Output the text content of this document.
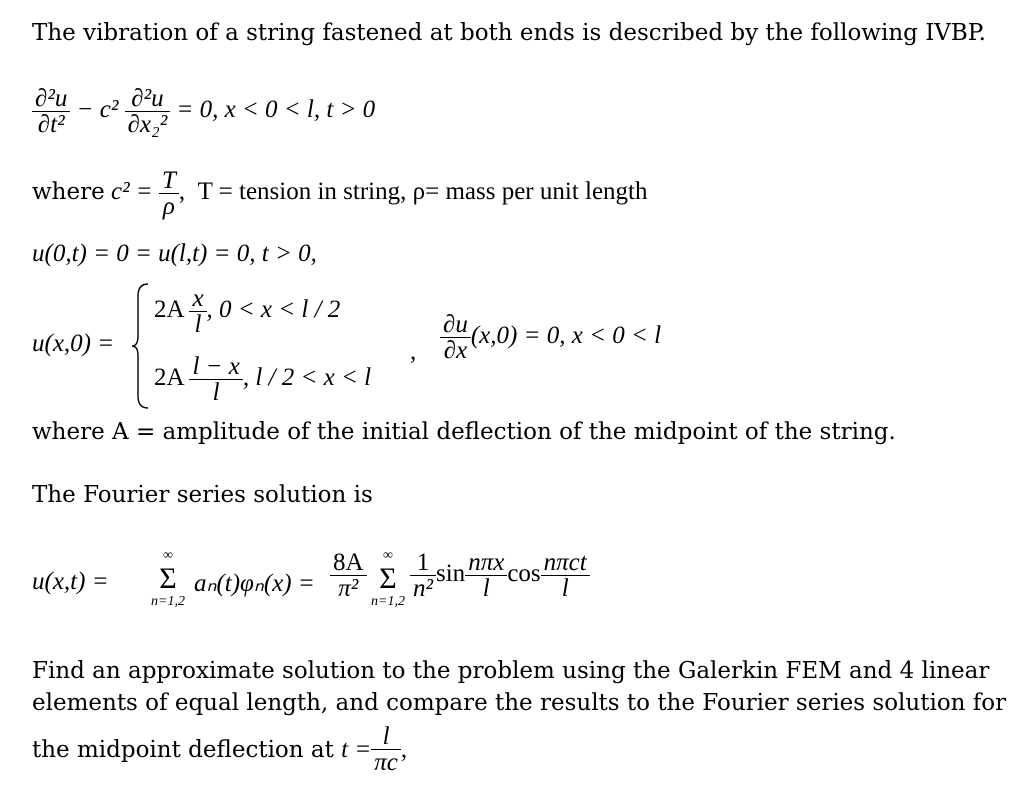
The vibration of a string fastened at both ends is described by the following IVBP.
$\frac{\text{∂²u}}{\text{∂t²}} - c^2 \frac{\text{∂²u}}{\text{∂x₂²}} = 0$, x < 0 < l, t > 0
where $c^2 = \frac{T}{\rho}$ , T = tension in string, ρ= mass per unit length
u(0,t) = 0 = u(l,t) = 0, t > 0,
u(x,0) =
$2A \frac{x}{l}$ , 0 < x < l / 2
$2A \frac{l - x}{l}$ , l / 2 < x < l
, $\frac{\partial u}{\partial x} (x,0) = 0$, x < 0 < l
where A = amplitude of the initial deflection of the midpoint of the string.
The Fourier series solution is
u(x,t) =
∞
Σ
n=1,2
$a_n(t)\varphi_n(x) = \frac{8A}{\text{π²}}$	∞
Σ
n=1,2
$\frac{1}{\text{n²}}$ $\sin \frac{\text{nπx}}{l}$ $\cos \frac{\text{nπct}}{l}$
Find an approximate solution to the problem using the Galerkin FEM and 4 linear
elements of equal length, and compare the results to the Fourier series solution for
the midpoint deflection at
$t = \frac{l}{\pi c}$ ,
